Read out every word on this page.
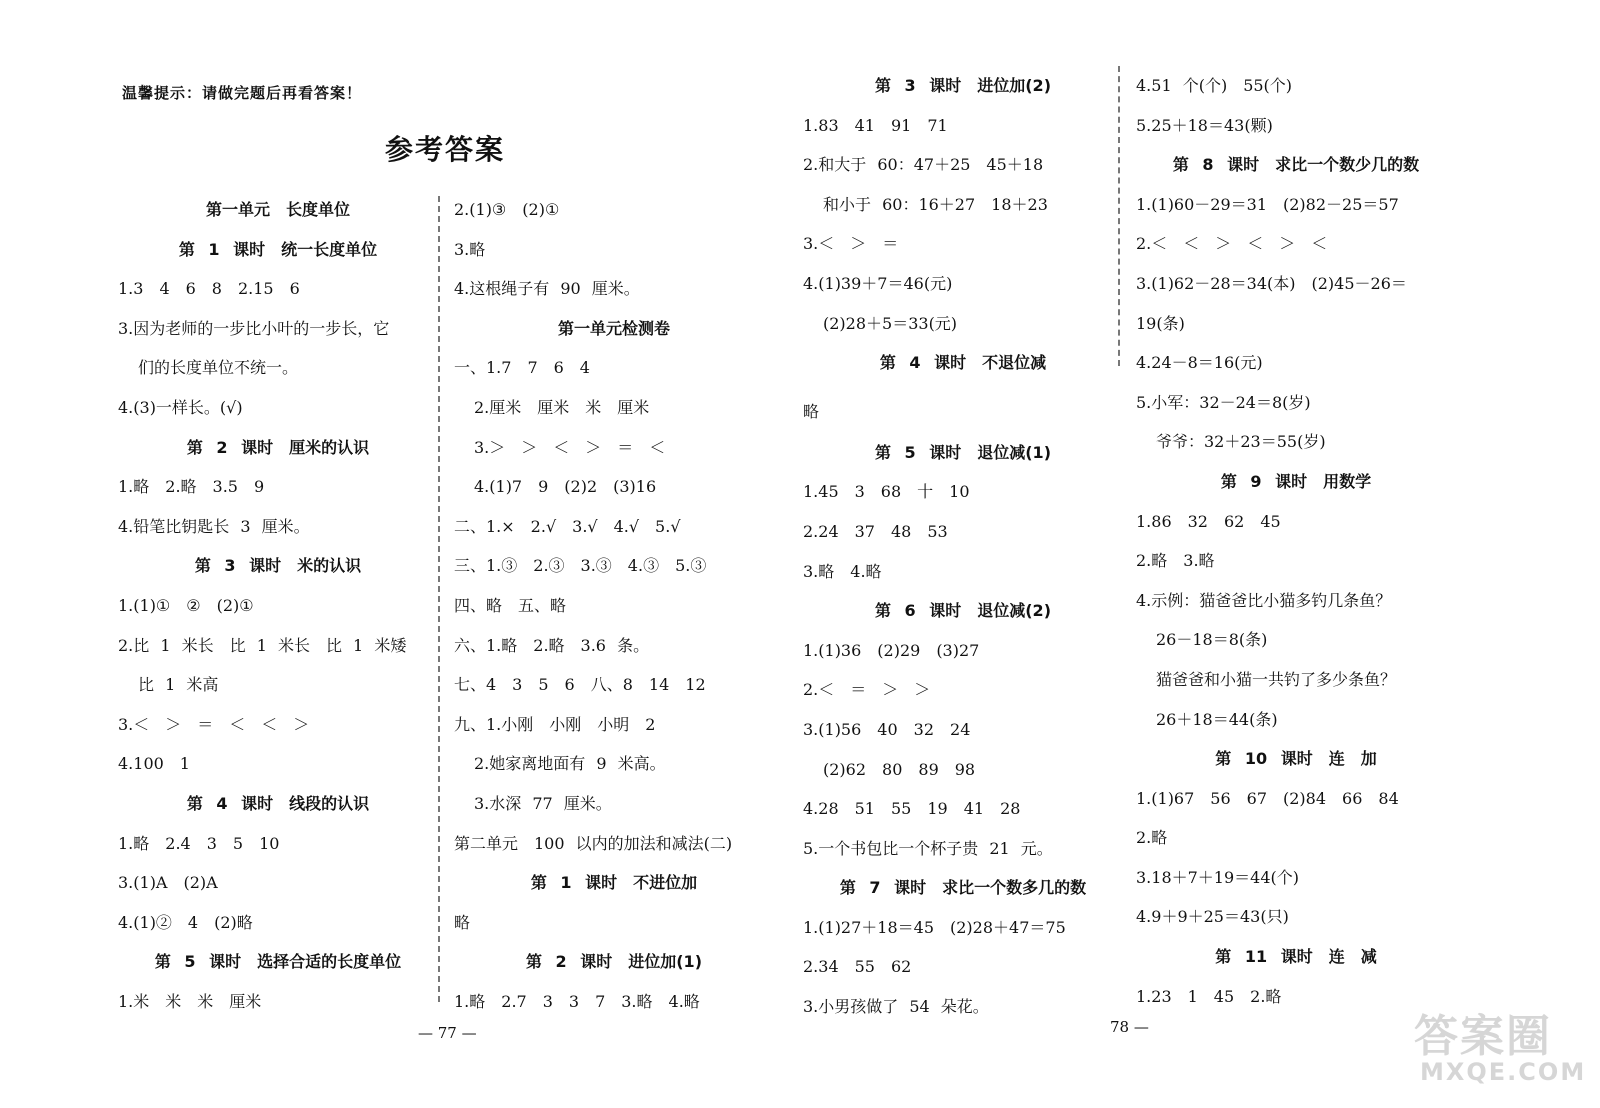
温馨提示：请做完题后再看答案！
参考答案
第一单元　长度单位
第 1 课时　统一长度单位
1.3　4　6　8　2.15　6
3.因为老师的一步比小叶的一步长，它
们的长度单位不统一。
4.(3)一样长。(√)
第 2 课时　厘米的认识
1.略　2.略　3.5　9
4.铅笔比钥匙长 3 厘米。
第 3 课时　米的认识
1.(1)①　②　(2)①
2.比 1 米长　比 1 米长　比 1 米矮
比 1 米高
3.＜　＞　＝　＜　＜　＞
4.100　1
第 4 课时　线段的认识
1.略　2.4　3　5　10
3.(1)A　(2)A
4.(1)②　4　(2)略
第 5 课时　选择合适的长度单位
1.米　米　米　厘米
2.(1)③　(2)①
3.略
4.这根绳子有 90 厘米。
第一单元检测卷
一、1.7　7　6　4
2.厘米　厘米　米　厘米
3.＞　＞　＜　＞　＝　＜
4.(1)7　9　(2)2　(3)16
二、1.×　2.√　3.√　4.√　5.√
三、1.③　2.③　3.③　4.③　5.③
四、略　五、略
六、1.略　2.略　3.6 条。
七、4　3　5　6　八、8　14　12
九、1.小刚　小刚　小明　2
2.她家离地面有 9 米高。
3.水深 77 厘米。
第二单元　100 以内的加法和减法(二)
第 1 课时　不进位加
略
第 2 课时　进位加(1)
1.略　2.7　3　3　7　3.略　4.略
第 3 课时　进位加(2)
1.83　41　91　71
2.和大于 60：47＋25　45＋18
和小于 60：16＋27　18＋23
3.＜　＞　＝
4.(1)39＋7＝46(元)
(2)28＋5＝33(元)
第 4 课时　不退位减
略
第 5 课时　退位减(1)
1.45　3　68　十　10
2.24　37　48　53
3.略　4.略
第 6 课时　退位减(2)
1.(1)36　(2)29　(3)27
2.＜　＝　＞　＞
3.(1)56　40　32　24
(2)62　80　89　98
4.28　51　55　19　41　28
5.一个书包比一个杯子贵 21 元。
第 7 课时　求比一个数多几的数
1.(1)27＋18＝45　(2)28＋47＝75
2.34　55　62
3.小男孩做了 54 朵花。
4.51 个(个)　55(个)
5.25＋18＝43(颗)
第 8 课时　求比一个数少几的数
1.(1)60－29＝31　(2)82－25＝57
2.＜　＜　＞　＜　＞　＜
3.(1)62－28＝34(本)　(2)45－26＝
19(条)
4.24－8＝16(元)
5.小军：32－24＝8(岁)
爷爷：32＋23＝55(岁)
第 9 课时　用数学
1.86　32　62　45
2.略　3.略
4.示例：猫爸爸比小猫多钓几条鱼？
26－18＝8(条)
猫爸爸和小猫一共钓了多少条鱼？
26＋18＝44(条)
第 10 课时　连　加
1.(1)67　56　67　(2)84　66　84
2.略
3.18＋7＋19＝44(个)
4.9＋9＋25＝43(只)
第 11 课时　连　减
1.23　1　45　2.略
— 77 —	78 —	答案圈
MXQE.COM
